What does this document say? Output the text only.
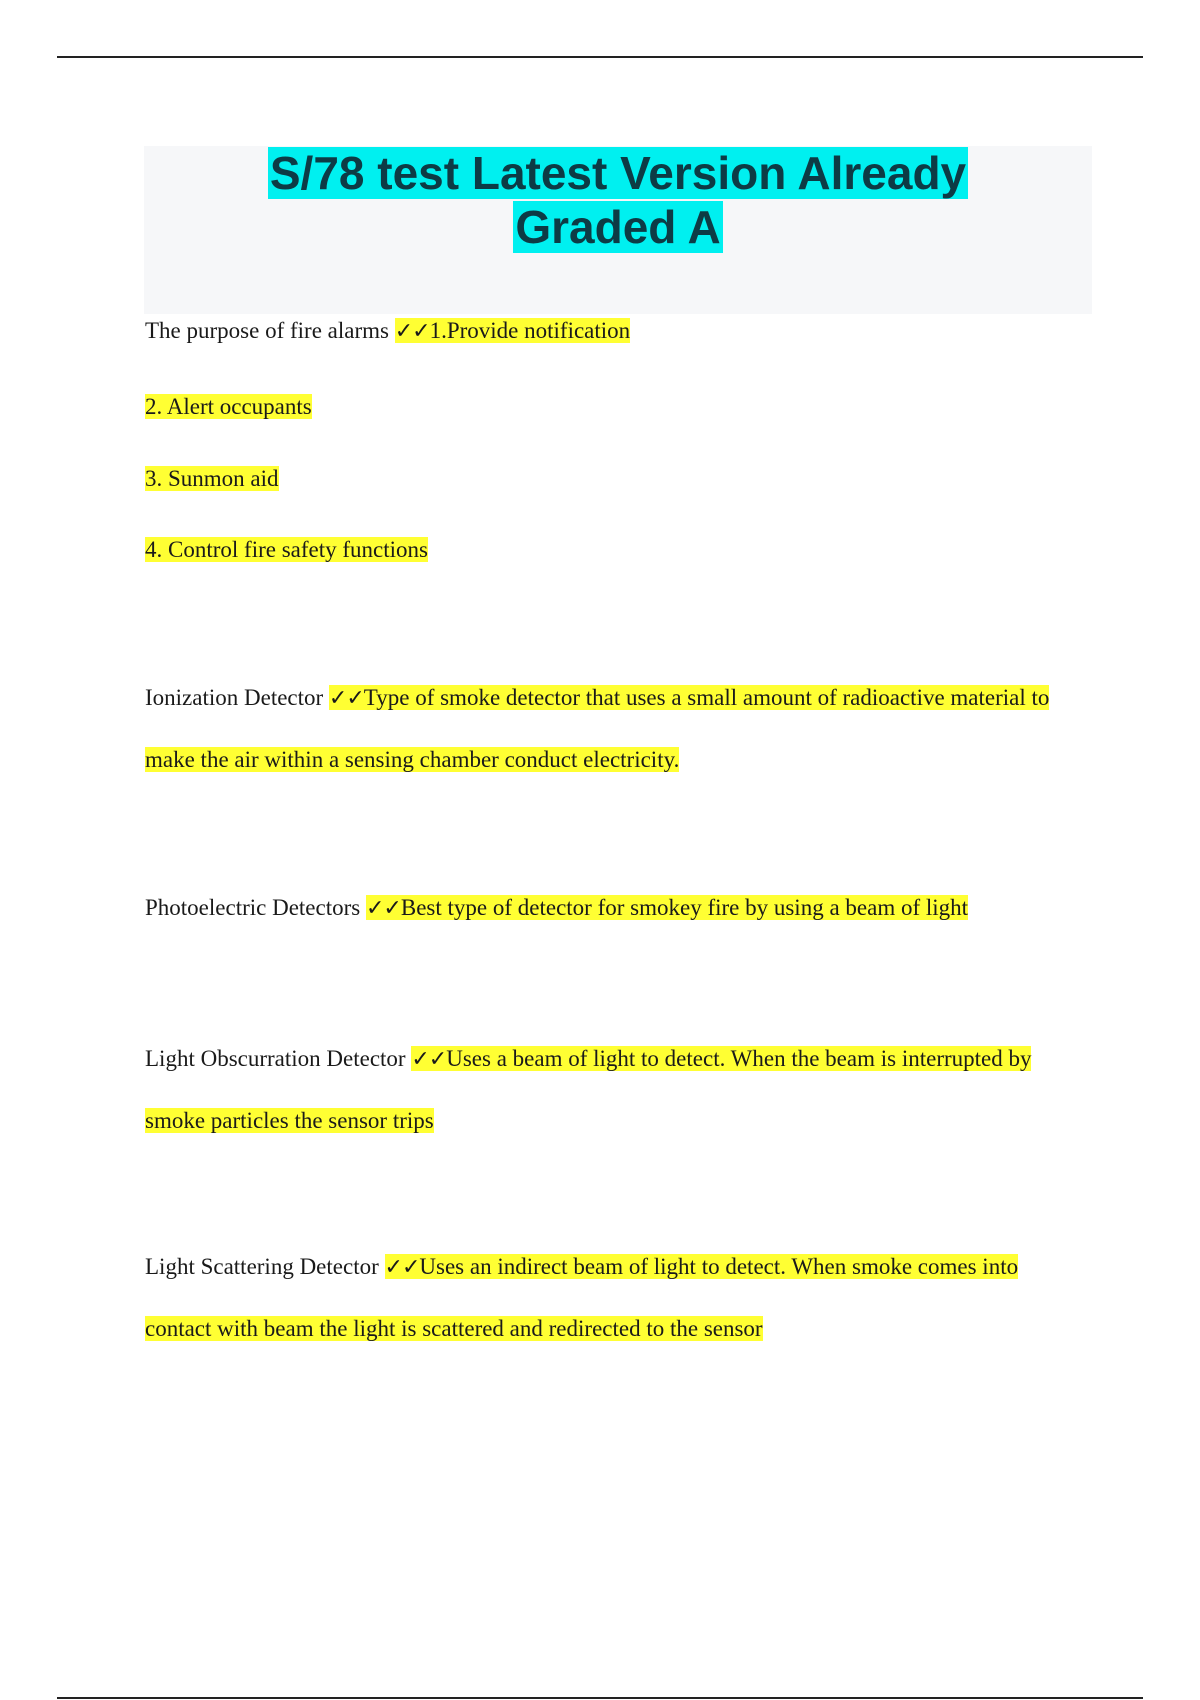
S/78 test Latest Version Already
Graded A
The purpose of fire alarms ✓✓1.Provide notification
2. Alert occupants
3. Sunmon aid
4. Control fire safety functions
Ionization Detector ✓✓Type of smoke detector that uses a small amount of radioactive material to make the air within a sensing chamber conduct electricity.
Photoelectric Detectors ✓✓Best type of detector for smokey fire by using a beam of light
Light Obscurration Detector ✓✓Uses a beam of light to detect. When the beam is interrupted by smoke particles the sensor trips
Light Scattering Detector ✓✓Uses an indirect beam of light to detect. When smoke comes into contact with beam the light is scattered and redirected to the sensor
